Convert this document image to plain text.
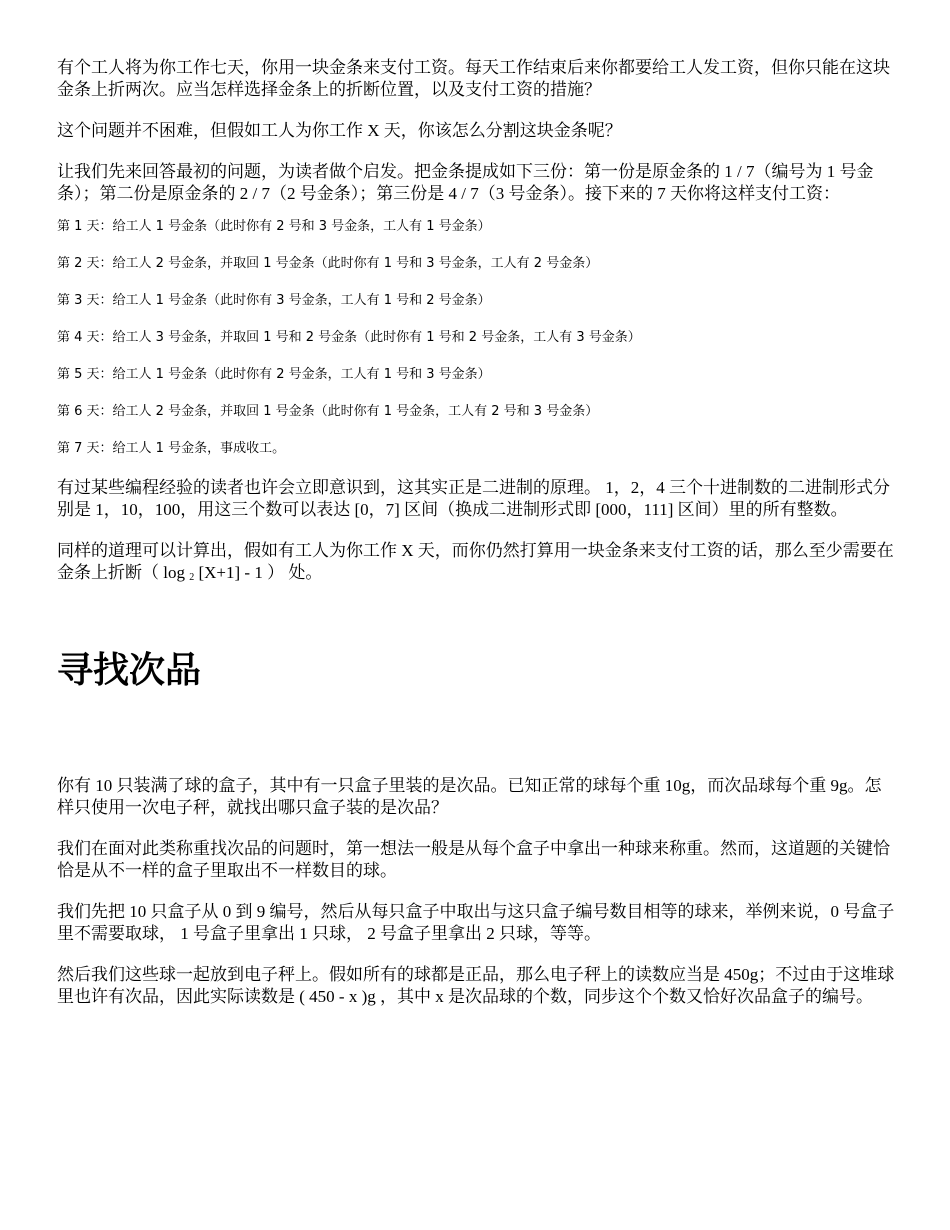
有个工人将为你工作七天，你用一块金条来支付工资。每天工作结束后来你都要给工人发工资，但你只能在这块金条上折两次。应当怎样选择金条上的折断位置，以及支付工资的措施？

这个问题并不困难，但假如工人为你工作 X 天，你该怎么分割这块金条呢？

让我们先来回答最初的问题，为读者做个启发。把金条提成如下三份：第一份是原金条的 1 / 7（编号为 1 号金条）；第二份是原金条的 2 / 7（2 号金条）；第三份是 4 / 7（3 号金条）。接下来的 7 天你将这样支付工资：

第 1 天：给工人 1 号金条（此时你有 2 号和 3 号金条，工人有 1 号金条）

第 2 天：给工人 2 号金条，并取回 1 号金条（此时你有 1 号和 3 号金条，工人有 2 号金条）

第 3 天：给工人 1 号金条（此时你有 3 号金条，工人有 1 号和 2 号金条）

第 4 天：给工人 3 号金条，并取回 1 号和 2 号金条（此时你有 1 号和 2 号金条，工人有 3 号金条）

第 5 天：给工人 1 号金条（此时你有 2 号金条，工人有 1 号和 3 号金条）

第 6 天：给工人 2 号金条，并取回 1 号金条（此时你有 1 号金条，工人有 2 号和 3 号金条）

第 7 天：给工人 1 号金条，事成收工。

有过某些编程经验的读者也许会立即意识到，这其实正是二进制的原理。 1，2，4 三个十进制数的二进制形式分别是 1，10，100，用这三个数可以表达 [0，7] 区间（换成二进制形式即 [000，111] 区间）里的所有整数。

同样的道理可以计算出，假如有工人为你工作 X 天，而你仍然打算用一块金条来支付工资的话，那么至少需要在金条上折断（ log $_2$ [X+1] - 1 ） 处。

寻找次品

你有 10 只装满了球的盒子，其中有一只盒子里装的是次品。已知正常的球每个重 10g，而次品球每个重 9g。怎样只使用一次电子秤，就找出哪只盒子装的是次品？

我们在面对此类称重找次品的问题时，第一想法一般是从每个盒子中拿出一种球来称重。然而，这道题的关键恰恰是从不一样的盒子里取出不一样数目的球。

我们先把 10 只盒子从 0 到 9 编号，然后从每只盒子中取出与这只盒子编号数目相等的球来，举例来说，0 号盒子里不需要取球， 1 号盒子里拿出 1 只球， 2 号盒子里拿出 2 只球，等等。

然后我们这些球一起放到电子秤上。假如所有的球都是正品，那么电子秤上的读数应当是 450g；不过由于这堆球里也许有次品，因此实际读数是 ( 450 - x )g ，其中 x 是次品球的个数，同步这个个数又恰好次品盒子的编号。
